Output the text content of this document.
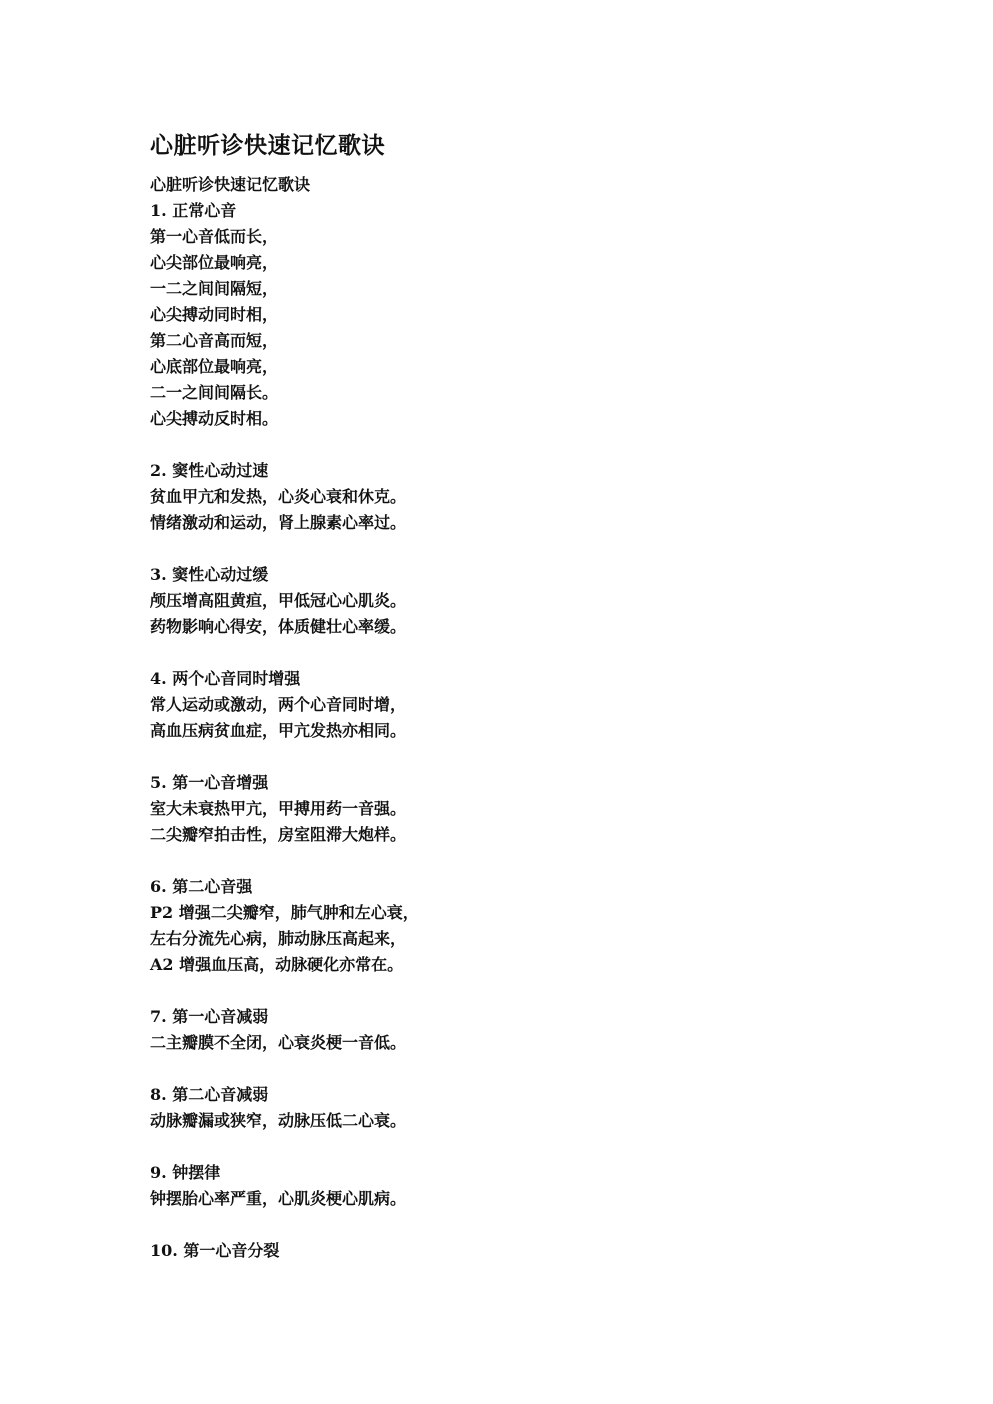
心脏听诊快速记忆歌诀
心脏听诊快速记忆歌诀
1. 正常心音
第一心音低而长，
心尖部位最响亮，
一二之间间隔短，
心尖搏动同时相，
第二心音高而短，
心底部位最响亮，
二一之间间隔长。
心尖搏动反时相。
2. 窦性心动过速
贫血甲亢和发热，心炎心衰和休克。
情绪激动和运动，肾上腺素心率过。
3. 窦性心动过缓
颅压增高阻黄疸，甲低冠心心肌炎。
药物影响心得安，体质健壮心率缓。
4. 两个心音同时增强
常人运动或激动，两个心音同时增，
高血压病贫血症，甲亢发热亦相同。
5. 第一心音增强
室大未衰热甲亢，甲搏用药一音强。
二尖瓣窄拍击性，房室阻滞大炮样。
6. 第二心音强
P2 增强二尖瓣窄，肺气肿和左心衰，
左右分流先心病，肺动脉压高起来，
A2 增强血压高，动脉硬化亦常在。
7. 第一心音减弱
二主瓣膜不全闭，心衰炎梗一音低。
8. 第二心音减弱
动脉瓣漏或狭窄，动脉压低二心衰。
9. 钟摆律
钟摆胎心率严重，心肌炎梗心肌病。
10. 第一心音分裂
